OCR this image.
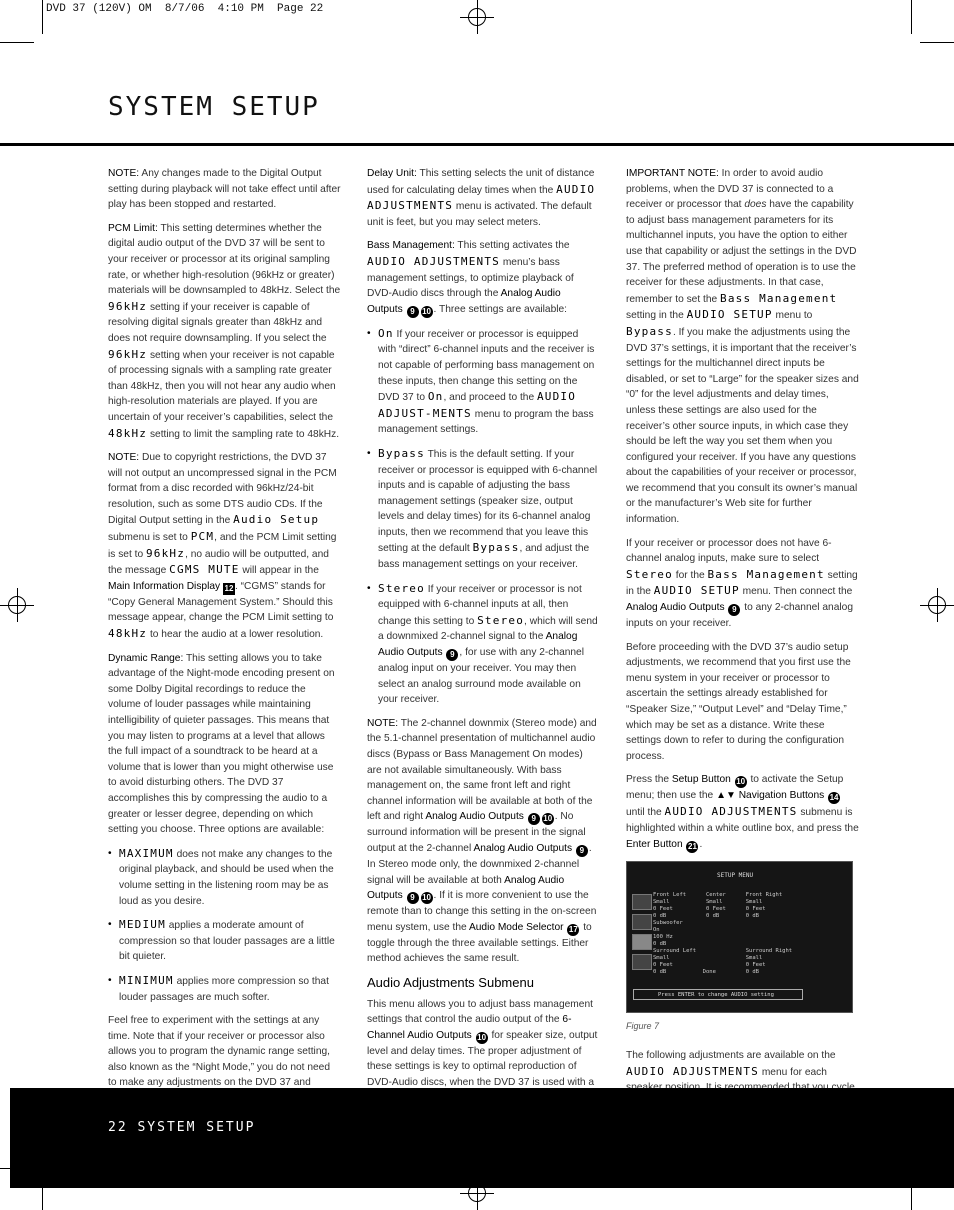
DVD 37 (120V) OM  8/7/06  4:10 PM  Page 22
SYSTEM SETUP

NOTE: Any changes made to the Digital Output setting during playback will not take effect until after play has been stopped and restarted.

PCM Limit: This setting determines whether the digital audio output of the DVD 37 will be sent to your receiver or processor at its original sampling rate, or whether high-resolution (96kHz or greater) materials will be downsampled to 48kHz. Select the 96kHz setting if your receiver is capable of resolving digital signals greater than 48kHz and does not require downsampling. If you select the 96kHz setting when your receiver is not capable of processing signals with a sampling rate greater than 48kHz, then you will not hear any audio when high-resolution materials are played. If you are uncertain of your receiver’s capabilities, select the 48kHz setting to limit the sampling rate to 48kHz.

NOTE: Due to copyright restrictions, the DVD 37 will not output an uncompressed signal in the PCM format from a disc recorded with 96kHz/24-bit resolution, such as some DTS audio CDs. If the Digital Output setting in the Audio Setup submenu is set to PCM, and the PCM Limit setting is set to 96kHz, no audio will be outputted, and the message CGMS MUTE will appear in the Main Information Display 12 . “CGMS” stands for “Copy General Management System.” Should this message appear, change the PCM Limit setting to 48kHz to hear the audio at a lower resolution.

Dynamic Range: This setting allows you to take advantage of the Night-mode encoding present on some Dolby Digital recordings to reduce the volume of louder passages while maintaining intelligibility of quieter passages. This means that you may listen to programs at a level that allows the full impact of a soundtrack to be heard at a volume that is lower than you might otherwise use to avoid disturbing others. The DVD 37 accomplishes this by compressing the audio to a greater or lesser degree, depending on which setting you choose. Three options are available:

• MAXIMUM does not make any changes to the original playback, and should be used when the volume setting in the listening room may be as loud as you desire.
• MEDIUM applies a moderate amount of compression so that louder passages are a little bit quieter.
• MINIMUM applies more compression so that louder passages are much softer.

Feel free to experiment with the settings at any time. Note that if your receiver or processor also allows you to program the dynamic range setting, also known as the “Night Mode,” you do not need to make any adjustments on the DVD 37 and

Delay Unit: This setting selects the unit of distance used for calculating delay times when the AUDIO ADJUSTMENTS menu is activated. The default unit is feet, but you may select meters.

Bass Management: This setting activates the AUDIO ADJUSTMENTS menu’s bass management settings, to optimize playback of DVD-Audio discs through the Analog Audio Outputs 9 10 . Three settings are available:

• On If your receiver or processor is equipped with “direct” 6-channel inputs and the receiver is not capable of performing bass management on these inputs, then change this setting on the DVD 37 to On, and proceed to the AUDIO ADJUST-MENTS menu to program the bass management settings.
• Bypass This is the default setting. If your receiver or processor is equipped with 6-channel inputs and is capable of adjusting the bass management settings (speaker size, output levels and delay times) for its 6-channel analog inputs, then we recommend that you leave this setting at the default Bypass, and adjust the bass management settings on your receiver.
• Stereo If your receiver or processor is not equipped with 6-channel inputs at all, then change this setting to Stereo, which will send a downmixed 2-channel signal to the Analog Audio Outputs 9 , for use with any 2-channel analog input on your receiver. You may then select an analog surround mode available on your receiver.

NOTE: The 2-channel downmix (Stereo mode) and the 5.1-channel presentation of multichannel audio discs (Bypass or Bass Management On modes) are not available simultaneously. With bass management on, the same front left and right channel information will be available at both of the left and right Analog Audio Outputs 9 10 . No surround information will be present in the signal output at the 2-channel Analog Audio Outputs 9 . In Stereo mode only, the downmixed 2-channel signal will be available at both Analog Audio Outputs 9 10 . If it is more convenient to use the remote than to change this setting in the on-screen menu system, use the Audio Mode Selector 17 to toggle through the three available settings. Either method achieves the same result.

Audio Adjustments Submenu

This menu allows you to adjust bass management settings that control the audio output of the 6-Channel Audio Outputs 10 for speaker size, output level and delay times. The proper adjustment of these settings is key to optimal reproduction of DVD-Audio discs, when the DVD 37 is used with a

IMPORTANT NOTE: In order to avoid audio problems, when the DVD 37 is connected to a receiver or processor that does have the capability to adjust bass management parameters for its multichannel inputs, you have the option to either use that capability or adjust the settings in the DVD 37. The preferred method of operation is to use the receiver for these adjustments. In that case, remember to set the Bass Management setting in the AUDIO SETUP menu to Bypass. If you make the adjustments using the DVD 37’s settings, it is important that the receiver’s settings for the multichannel direct inputs be disabled, or set to “Large” for the speaker sizes and “0” for the level adjustments and delay times, unless these settings are also used for the receiver’s other source inputs, in which case they should be left the way you set them when you configured your receiver. If you have any questions about the capabilities of your receiver or processor, we recommend that you consult its owner’s manual or the manufacturer’s Web site for further information.

If your receiver or processor does not have 6-channel analog inputs, make sure to select Stereo for the Bass Management setting in the AUDIO SETUP menu. Then connect the Analog Audio Outputs 9 to any 2-channel analog inputs on your receiver.

Before proceeding with the DVD 37’s audio setup adjustments, we recommend that you first use the menu system in your receiver or processor to ascertain the settings already established for “Speaker Size,” “Output Level” and “Delay Time,” which may be set as a distance. Write these settings down to refer to during the configuration process.

Press the Setup Button 10 to activate the Setup menu; then use the ▲▼ Navigation Buttons 14 until the AUDIO ADJUSTMENTS submenu is highlighted within a white outline box, and press the Enter Button 21 .

SETUP MENU
Front Left      Center      Front Right
Small           Small       Small
0 Feet          0 Feet      0 Feet
0 dB            0 dB        0 dB
Subwoofer
On
100 Hz
0 dB
Surround Left               Surround Right
Small                       Small
0 Feet                      0 Feet
0 dB           Done         0 dB
Press ENTER to change AUDIO setting
Figure 7

The following adjustments are available on the AUDIO ADJUSTMENTS menu for each

22 SYSTEM SETUP
